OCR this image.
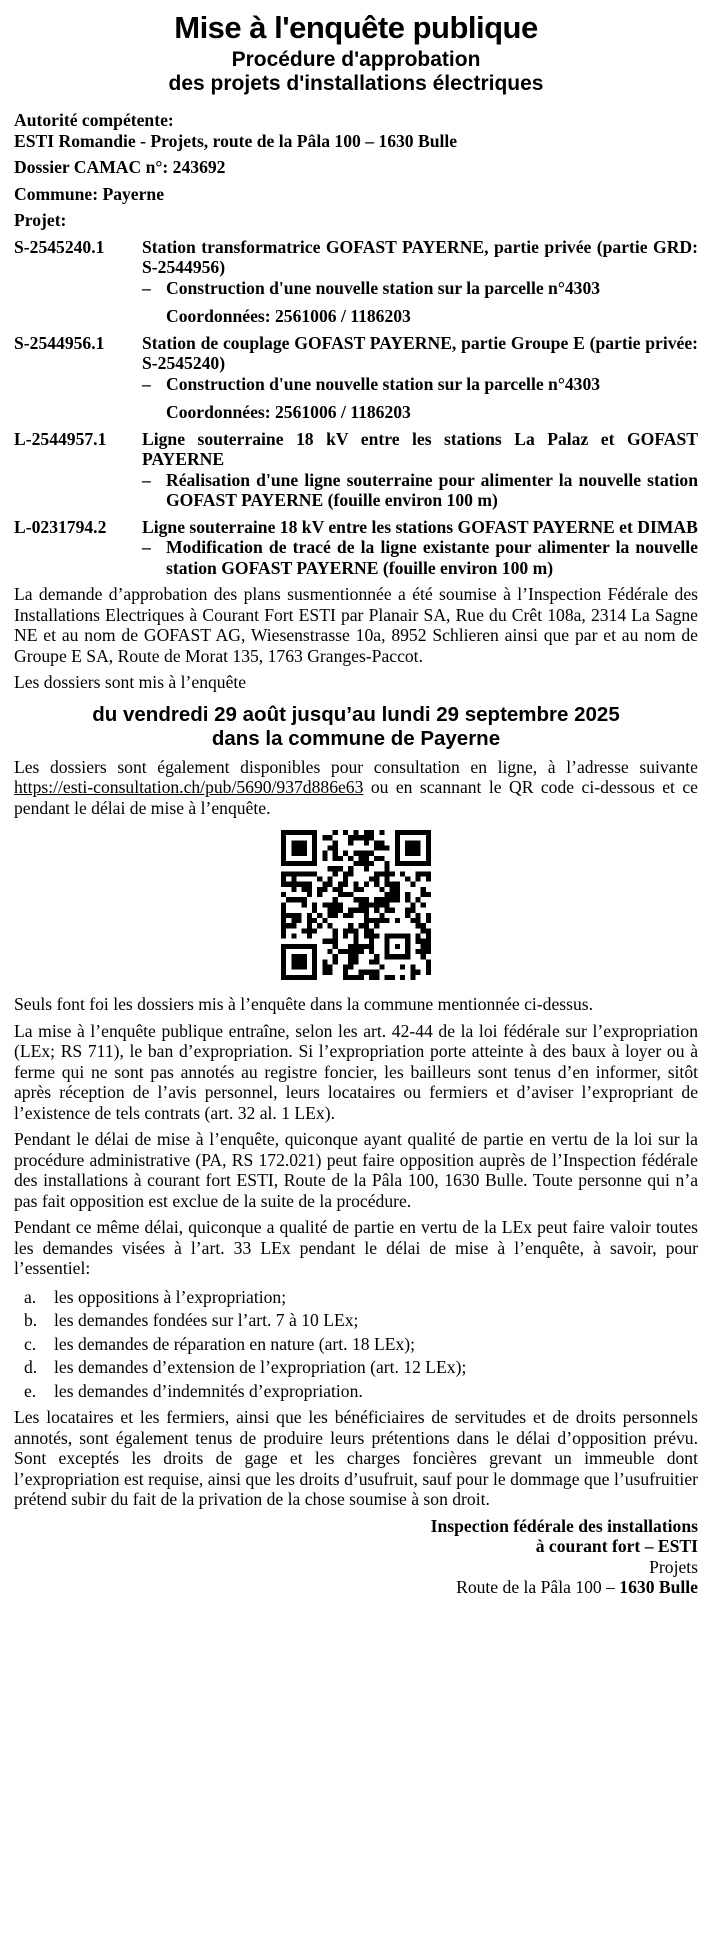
Mise à l'enquête publique
Procédure d'approbation
des projets d'installations électriques

Autorité compétente:

ESTI Romandie - Projets, route de la Pâla 100 – 1630 Bulle

Dossier CAMAC n°: 243692

Commune: Payerne

Projet:

S-2545240.1	Station transformatrice GOFAST PAYERNE, partie privée (partie GRD: S-2544956)
– Construction d'une nouvelle station sur la parcelle n°4303
Coordonnées: 2561006 / 1186203
S-2544956.1	Station de couplage GOFAST PAYERNE, partie Groupe E (partie privée: S-2545240)
– Construction d'une nouvelle station sur la parcelle n°4303
Coordonnées: 2561006 / 1186203
L-2544957.1	Ligne souterraine 18 kV entre les stations La Palaz et GOFAST PAYERNE
– Réalisation d'une ligne souterraine pour alimenter la nouvelle station GOFAST PAYERNE (fouille environ 100 m)
L-0231794.2	Ligne souterraine 18 kV entre les stations GOFAST PAYERNE et DIMAB
– Modification de tracé de la ligne existante pour alimenter la nouvelle station GOFAST PAYERNE (fouille environ 100 m)

La demande d’approbation des plans susmentionnée a été soumise à l’Inspection Fédérale des Installations Electriques à Courant Fort ESTI par Planair SA, Rue du Crêt 108a, 2314 La Sagne NE et au nom de GOFAST AG, Wiesenstrasse 10a, 8952 Schlieren ainsi que par et au nom de Groupe E SA, Route de Morat 135, 1763 Granges-Paccot.

Les dossiers sont mis à l’enquête

du vendredi 29 août jusqu’au lundi 29 septembre 2025
dans la commune de Payerne

Les dossiers sont également disponibles pour consultation en ligne, à l’adresse suivante https://esti-consultation.ch/pub/5690/937d886e63 ou en scannant le QR code ci-dessous et ce pendant le délai de mise à l’enquête.

Seuls font foi les dossiers mis à l’enquête dans la commune mentionnée ci-dessus.

La mise à l’enquête publique entraîne, selon les art. 42-44 de la loi fédérale sur l’expropriation (LEx; RS 711), le ban d’expropriation. Si l’expropriation porte atteinte à des baux à loyer ou à ferme qui ne sont pas annotés au registre foncier, les bailleurs sont tenus d’en informer, sitôt après réception de l’avis personnel, leurs locataires ou fermiers et d’aviser l’expropriant de l’existence de tels contrats (art. 32 al. 1 LEx).

Pendant le délai de mise à l’enquête, quiconque ayant qualité de partie en vertu de la loi sur la procédure administrative (PA, RS 172.021) peut faire opposition auprès de l’Inspection fédérale des installations à courant fort ESTI, Route de la Pâla 100, 1630 Bulle. Toute personne qui n’a pas fait opposition est exclue de la suite de la procédure.

Pendant ce même délai, quiconque a qualité de partie en vertu de la LEx peut faire valoir toutes les demandes visées à l’art. 33 LEx pendant le délai de mise à l’enquête, à savoir, pour l’essentiel:

a.	les oppositions à l’expropriation;
b. les demandes fondées sur l’art. 7 à 10 LEx;
c.	les demandes de réparation en nature (art. 18 LEx);
d. les demandes d’extension de l’expropriation (art. 12 LEx);
e.	les demandes d’indemnités d’expropriation.

Les locataires et les fermiers, ainsi que les bénéficiaires de servitudes et de droits personnels annotés, sont également tenus de produire leurs prétentions dans le délai d’opposition prévu. Sont exceptés les droits de gage et les charges foncières grevant un immeuble dont l’expropriation est requise, ainsi que les droits d’usufruit, sauf pour le dommage que l’usufruitier prétend subir du fait de la privation de la chose soumise à son droit.

Inspection fédérale des installations
à courant fort – ESTI
Projets
Route de la Pâla 100 – 1630 Bulle
